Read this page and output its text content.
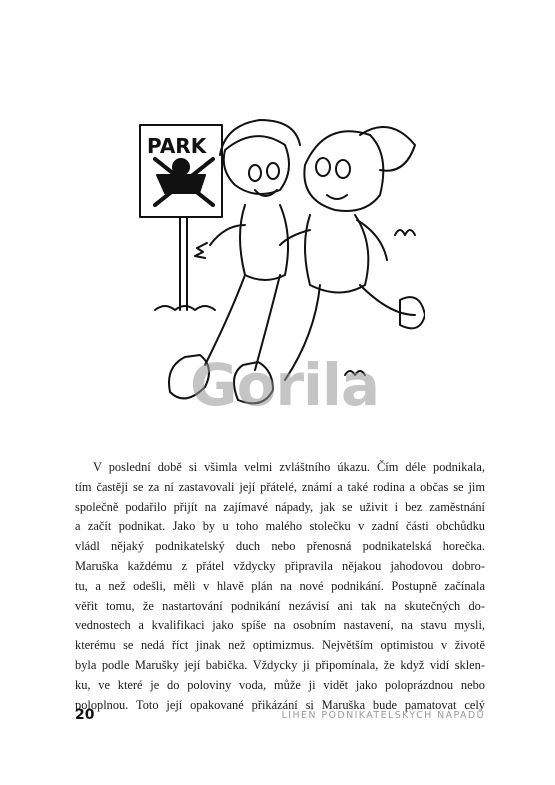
PARK
Gorila
V poslední době si všimla velmi zvláštního úkazu. Čím déle podnikala,
tím častěji se za ní zastavovali její přátelé, známí a také rodina a občas se jim
společně podařilo přijít na zajímavé nápady, jak se uživit i bez zaměstnání
a začít podnikat. Jako by u toho malého stolečku v zadní části obchůdku
vládl nějaký podnikatelský duch nebo přenosná podnikatelská horečka.
Maruška každému z přátel vždycky připravila nějakou jahodovou dobro-
tu, a než odešli, měli v hlavě plán na nové podnikání. Postupně začínala
věřit tomu, že nastartování podnikání nezávisí ani tak na skutečných do-
vednostech a kvalifikaci jako spíše na osobním nastavení, na stavu mysli,
kterému se nedá říct jinak než optimizmus. Největším optimistou v životě
byla podle Marušky její babička. Vždycky ji připomínala, že když vidí sklen-
ku, ve které je do poloviny voda, může ji vidět jako poloprázdnou nebo
poloplnou. Toto její opakované přikázání si Maruška bude pamatovat celý
20	LÍHEŇ PODNIKATELSKÝCH NÁPADŮ
